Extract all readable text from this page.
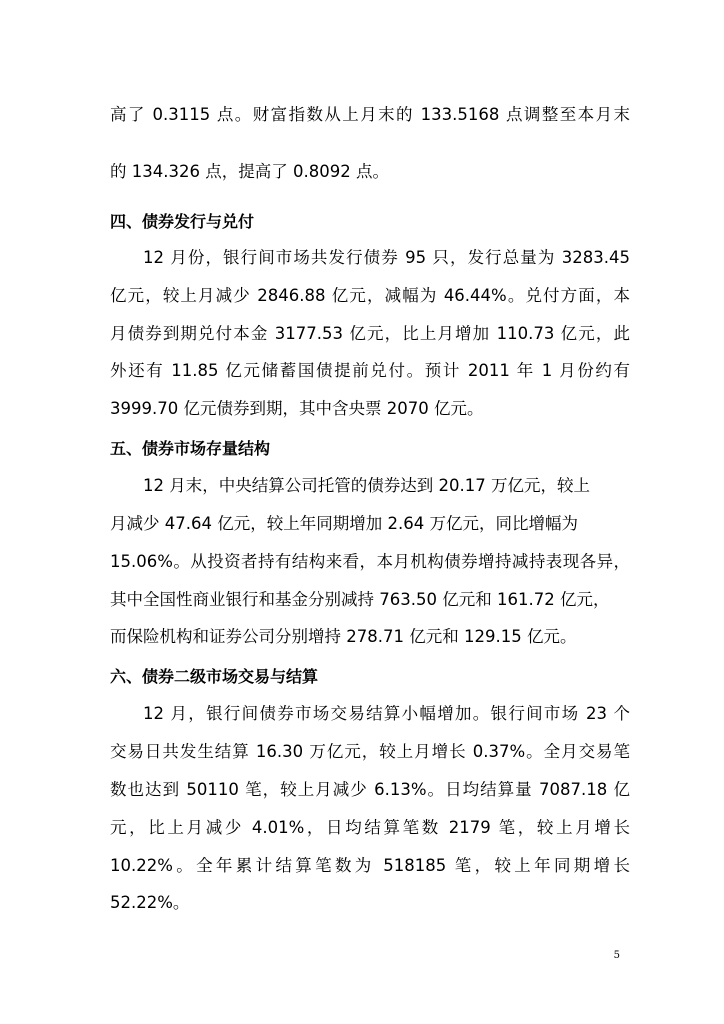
高了 0.3115 点。财富指数从上月末的 133.5168 点调整至本月末
的 134.326 点，提高了 0.8092 点。
四、债券发行与兑付
12 月份，银行间市场共发行债券 95 只，发行总量为 3283.45
亿元，较上月减少 2846.88 亿元，减幅为 46.44%。兑付方面，本
月债券到期兑付本金 3177.53 亿元，比上月增加 110.73 亿元，此
外还有 11.85 亿元储蓄国债提前兑付。预计 2011 年 1 月份约有
3999.70 亿元债券到期，其中含央票 2070 亿元。
五、债券市场存量结构
12 月末，中央结算公司托管的债券达到 20.17 万亿元，较上
月减少 47.64 亿元，较上年同期增加 2.64 万亿元，同比增幅为
15.06%。从投资者持有结构来看，本月机构债券增持减持表现各异，
其中全国性商业银行和基金分别减持 763.50 亿元和 161.72 亿元，
而保险机构和证券公司分别增持 278.71 亿元和 129.15 亿元。
六、债券二级市场交易与结算
12 月，银行间债券市场交易结算小幅增加。银行间市场 23 个
交易日共发生结算 16.30 万亿元，较上月增长 0.37%。全月交易笔
数也达到 50110 笔，较上月减少 6.13%。日均结算量 7087.18 亿
元，比上月减少 4.01%，日均结算笔数 2179 笔，较上月增长
10.22%。全年累计结算笔数为 518185 笔，较上年同期增长
52.22%。
5
